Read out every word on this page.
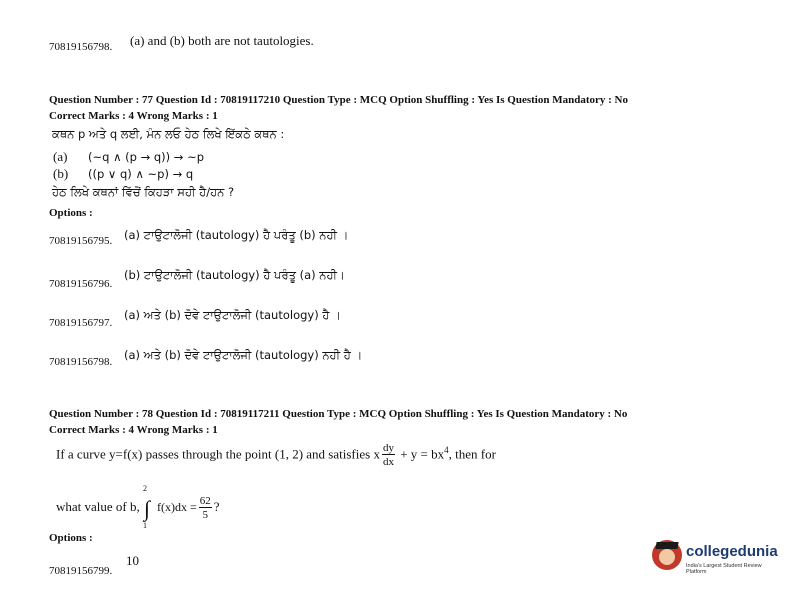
70819156798. (a) and (b) both are not tautologies.
Question Number : 77 Question Id : 70819117210 Question Type : MCQ Option Shuffling : Yes Is Question Mandatory : No
Correct Marks : 4 Wrong Marks : 1
ਕਥਨ p ਅਤੇ q ਲਈ, ਮੰਨ ਲਓ ਹੇਠ ਲਿਖੇ ਇੱਕਠੇ ਕਥਨ :
(a) (~q ∧ (p → q)) → ~p
(b) ((p ∨ q) ∧ ~p) → q
ਹੇਠ ਲਿਖੇ ਕਥਨਾਂ ਵਿੱਚੋਂ ਕਿਹੜਾ ਸਹੀ ਹੈ/ਹਨ ?
Options :
70819156795. (a) ਟਾਉਟਾਲੋਜੀ (tautology) ਹੈ ਪਰੰਤੂ (b) ਨਹੀ ।
70819156796.
(b) ਟਾਉਟਾਲੋਜੀ (tautology) ਹੈ ਪਰੰਤੂ (a) ਨਹੀ।
70819156797.
(a) ਅਤੇ (b) ਦੋਵੇ ਟਾਉਟਾਲੋਜੀ (tautology) ਹੈ ।
70819156798. (a) ਅਤੇ (b) ਦੋਵੇ ਟਾਉਟਾਲੋਜੀ (tautology) ਨਹੀ ਹੈ ।
Question Number : 78 Question Id : 70819117211 Question Type : MCQ Option Shuffling : Yes Is Question Mandatory : No
Correct Marks : 4 Wrong Marks : 1
If a curve y=f(x) passes through the point (1, 2) and satisfies x $\frac{dy}{dx} + y = bx^4$, then for
what value of b,
2
∫
1
$f(x)dx = \frac{62}{5}$ ?
Options :
70819156799.
10
collegedunia
India's Largest Student Review Platform
